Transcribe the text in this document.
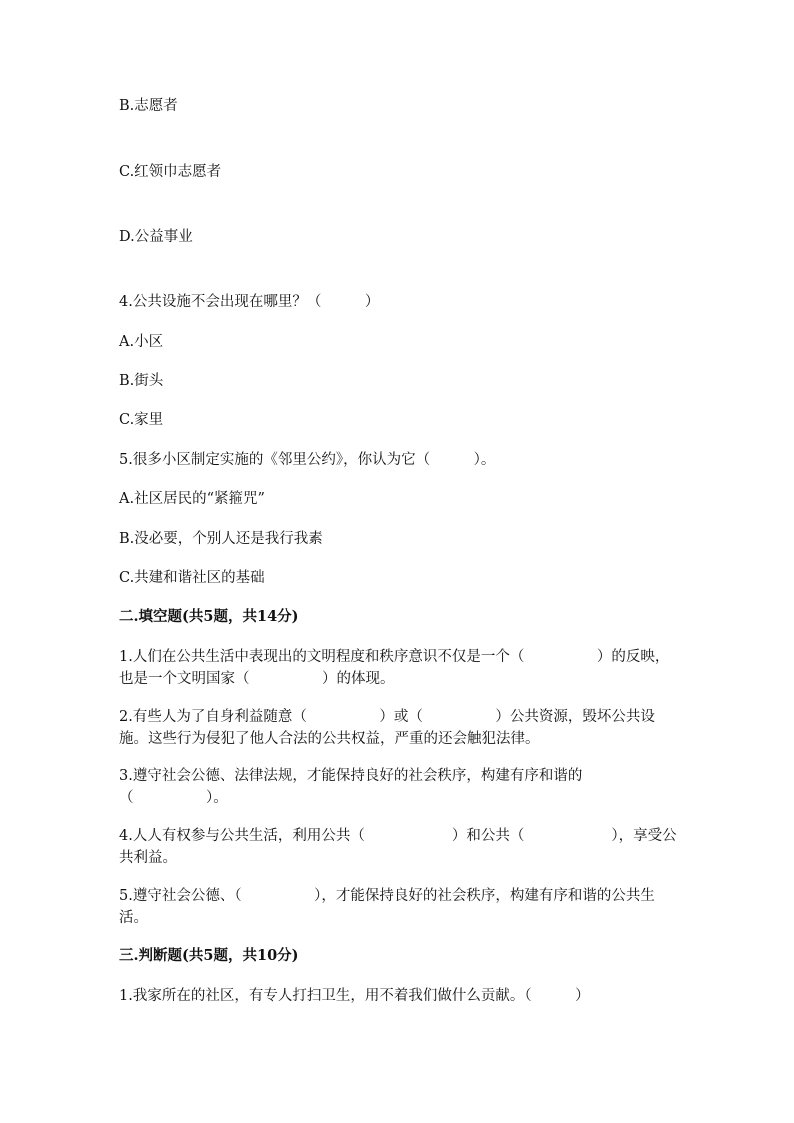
B.志愿者
C.红领巾志愿者
D.公益事业
4.公共设施不会出现在哪里？（　　　）
A.小区
B.街头
C.家里
5.很多小区制定实施的《邻里公约》，你认为它（　　　）。
A.社区居民的“紧箍咒”
B.没必要，个别人还是我行我素
C.共建和谐社区的基础
二.填空题(共5题，共14分)
1.人们在公共生活中表现出的文明程度和秩序意识不仅是一个（　　　　　）的反映，也是一个文明国家（　　　　　）的体现。
2.有些人为了自身利益随意（　　　　　）或（　　　　　）公共资源，毁坏公共设施。这些行为侵犯了他人合法的公共权益，严重的还会触犯法律。
3.遵守社会公德、法律法规，才能保持良好的社会秩序，构建有序和谐的（　　　　　）。
4.人人有权参与公共生活，利用公共（　　　　　　）和公共（　　　　　　），享受公共利益。
5.遵守社会公德、（　　　　　），才能保持良好的社会秩序，构建有序和谐的公共生活。
三.判断题(共5题，共10分)
1.我家所在的社区，有专人打扫卫生，用不着我们做什么贡献。（　　　）
